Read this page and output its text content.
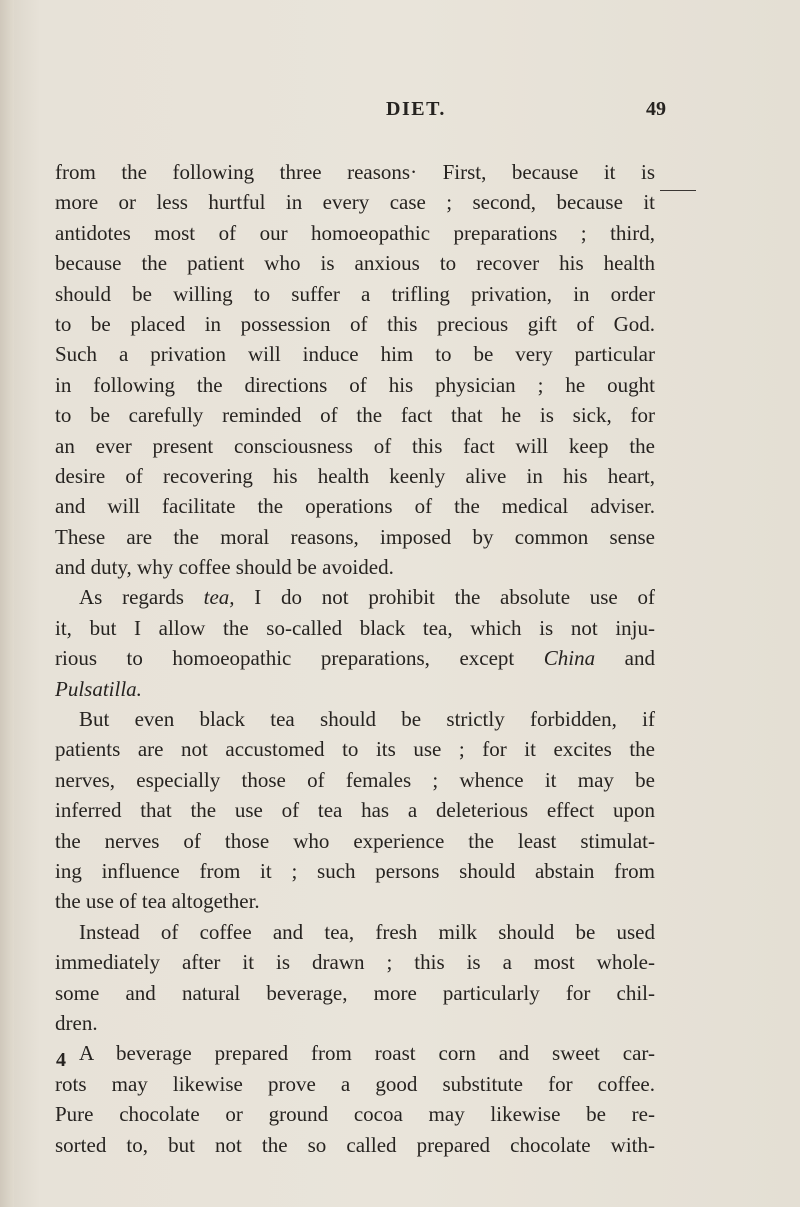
DIET.	49
from the following three reasons· First, because it is
more or less hurtful in every case ; second, because it
antidotes most of our homoeopathic preparations ; third,
because the patient who is anxious to recover his health
should be willing to suffer a trifling privation, in order
to be placed in possession of this precious gift of God.
Such a privation will induce him to be very particular
in following the directions of his physician ; he ought
to be carefully reminded of the fact that he is sick, for
an ever present consciousness of this fact will keep the
desire of recovering his health keenly alive in his heart,
and will facilitate the operations of the medical adviser.
These are the moral reasons, imposed by common sense
and duty, why coffee should be avoided.
As regards tea, I do not prohibit the absolute use of
it, but I allow the so-called black tea, which is not inju-
rious to homoeopathic preparations, except China and
Pulsatilla.
But even black tea should be strictly forbidden, if
patients are not accustomed to its use ; for it excites the
nerves, especially those of females ; whence it may be
inferred that the use of tea has a deleterious effect upon
the nerves of those who experience the least stimulat-
ing influence from it ; such persons should abstain from
the use of tea altogether.
Instead of coffee and tea, fresh milk should be used
immediately after it is drawn ; this is a most whole-
some and natural beverage, more particularly for chil-
dren.
A beverage prepared from roast corn and sweet car-
rots may likewise prove a good substitute for coffee.
Pure chocolate or ground cocoa may likewise be re-
sorted to, but not the so called prepared chocolate with-
4
